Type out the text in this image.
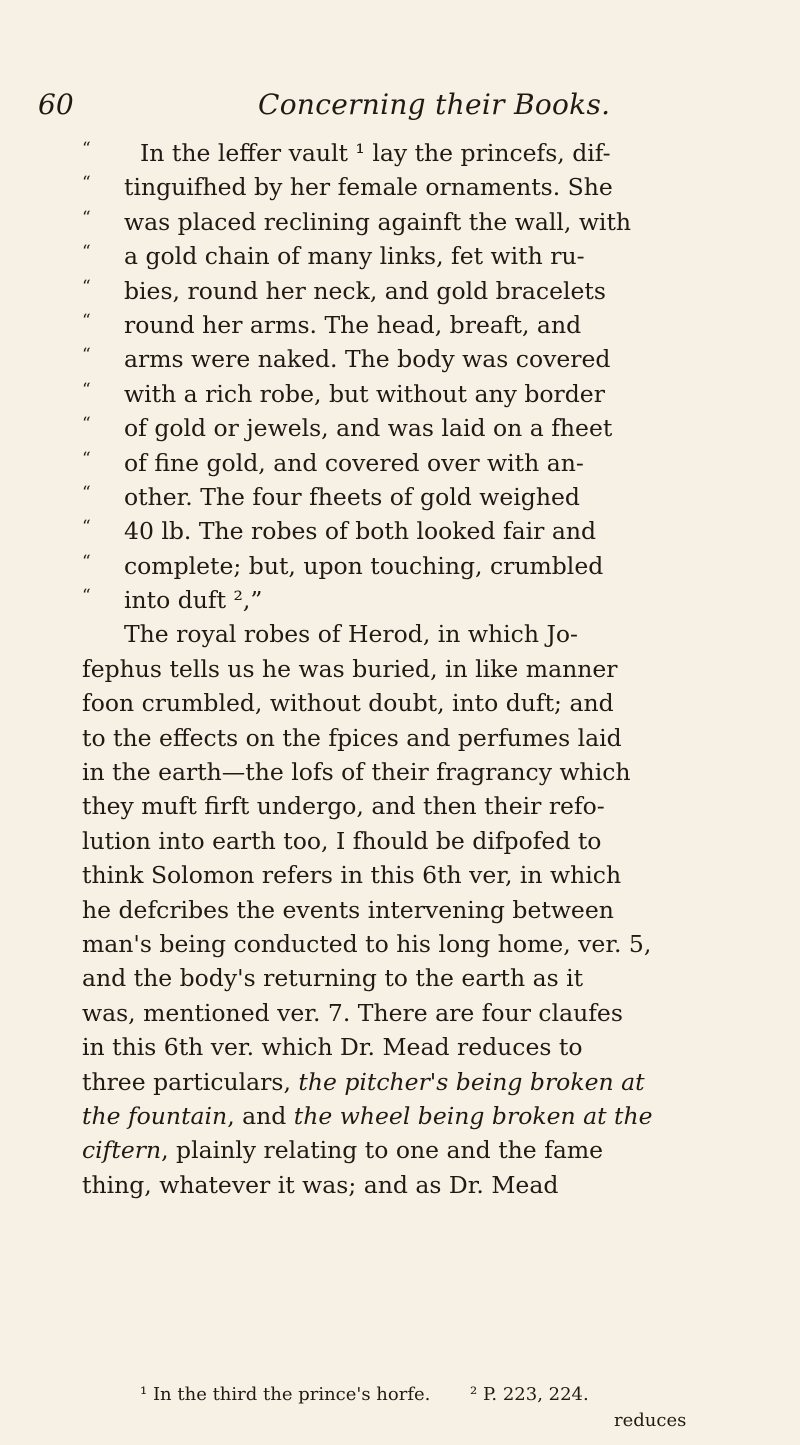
60	Concerning their Books.
“ In the leffer vault ¹ lay the princefs, dif-
“ tinguifhed by her female ornaments. She
“ was placed reclining againft the wall, with
“ a gold chain of many links, fet with ru-
“ bies, round her neck, and gold bracelets
“ round her arms. The head, breaft, and
“ arms were naked. The body was covered
“ with a rich robe, but without any border
“ of gold or jewels, and was laid on a fheet
“ of fine gold, and covered over with an-
“ other. The four fheets of gold weighed
“ 40 lb. The robes of both looked fair and
“ complete; but, upon touching, crumbled
“ into duft ²,”
The royal robes of Herod, in which Jo-
fephus tells us he was buried, in like manner
foon crumbled, without doubt, into duft; and
to the effects on the fpices and perfumes laid
in the earth—the lofs of their fragrancy which
they muft firft undergo, and then their refo-
lution into earth too, I fhould be difpofed to
think Solomon refers in this 6th ver, in which
he defcribes the events intervening between
man's being conducted to his long home, ver. 5,
and the body's returning to the earth as it
was, mentioned ver. 7. There are four claufes
in this 6th ver. which Dr. Mead reduces to
three particulars, the pitcher's being broken at
the fountain, and the wheel being broken at the
ciftern, plainly relating to one and the fame
thing, whatever it was; and as Dr. Mead
¹ In the third the prince's horfe. ² P. 223, 224.
reduces
